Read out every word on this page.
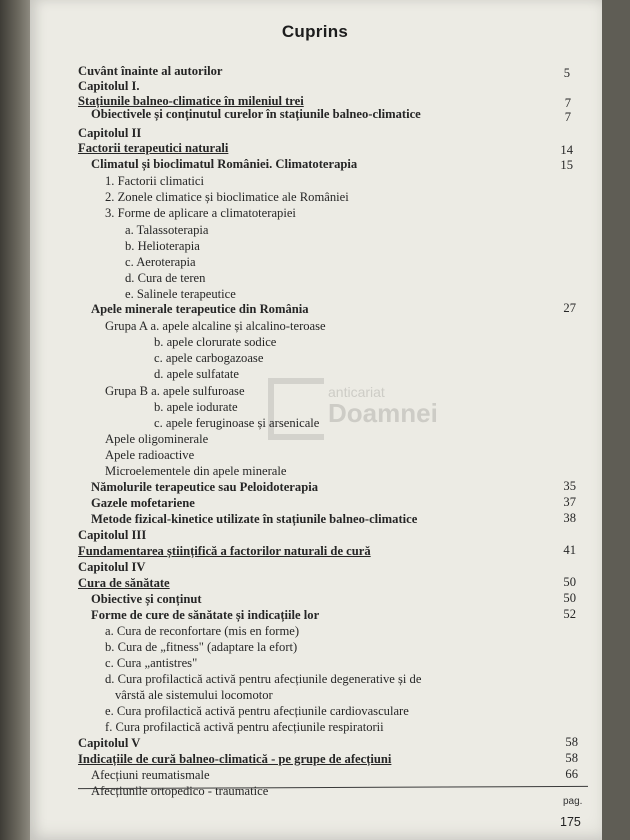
Cuprins
anticariat
Doamnei
Cuvânt înainte al autorilor
Capitolul I.
Stațiunile balneo-climatice în mileniul trei
Obiectivele și conținutul curelor în stațiunile balneo-climatice
Capitolul II
Factorii terapeutici naturali
Climatul și bioclimatul României. Climatoterapia
1. Factorii climatici
2. Zonele climatice și bioclimatice ale României
3. Forme de aplicare a climatoterapiei
a. Talassoterapia
b. Helioterapia
c. Aeroterapia
d. Cura de teren
e. Salinele terapeutice
Apele minerale terapeutice din România
Grupa A a. apele alcaline și alcalino-teroase
b. apele clorurate sodice
c. apele carbogazoase
d. apele sulfatate
Grupa B a. apele sulfuroase
b. apele iodurate
c. apele feruginoase și arsenicale
Apele oligominerale
Apele radioactive
Microelementele din apele minerale
Nămolurile terapeutice sau Peloidoterapia
Gazele mofetariene
Metode fizical-kinetice utilizate în stațiunile balneo-climatice
Capitolul III
Fundamentarea științifică a factorilor naturali de cură
Capitolul IV
Cura de sănătate
Obiective și conținut
Forme de cure de sănătate și indicațiile lor
a. Cura de reconfortare (mis en forme)
b. Cura de „fitness" (adaptare la efort)
c. Cura „antistres"
d. Cura profilactică activă pentru afecțiunile degenerative și de
vârstă ale sistemului locomotor
e. Cura profilactică activă pentru afecțiunile cardiovasculare
f. Cura profilactică activă pentru afecțiunile respiratorii
Capitolul V
Indicațiile de cură balneo-climatică - pe grupe de afecțiuni
Afecțiuni reumatismale
Afecțiunile ortopedico - traumatice
5
7
7
14
15
27
35
37
38
41
50
50
52
58
58
66
pag.
175
